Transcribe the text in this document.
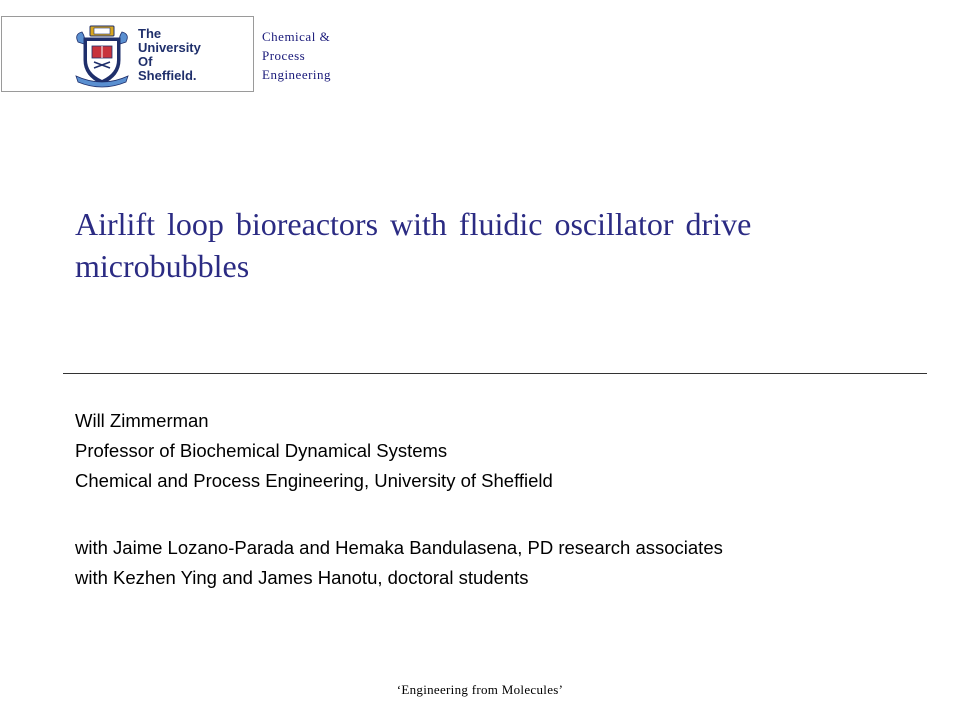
The
University
Of
Sheffield.
Chemical &
Process
Engineering
Airlift loop bioreactors with fluidic oscillator drive microbubbles
Will Zimmerman
Professor of Biochemical Dynamical Systems
Chemical and Process Engineering, University of Sheffield
with Jaime Lozano-Parada and Hemaka Bandulasena, PD research associates
with Kezhen Ying and James Hanotu, doctoral students
‘Engineering from Molecules’
